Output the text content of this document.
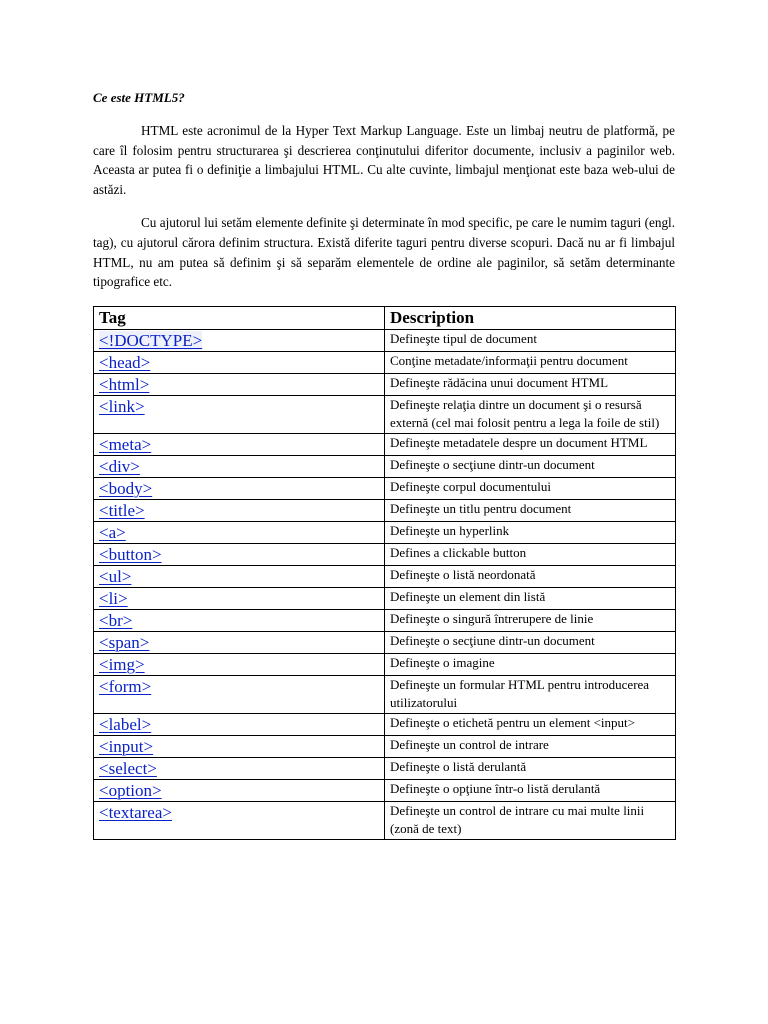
Ce este HTML5?

HTML este acronimul de la Hyper Text Markup Language. Este un limbaj neutru de platformă, pe care îl folosim pentru structurarea şi descrierea conţinutului diferitor documente, inclusiv a paginilor web. Aceasta ar putea fi o definiţie a limbajului HTML. Cu alte cuvinte, limbajul menţionat este baza web-ului de astăzi.

Cu ajutorul lui setăm elemente definite şi determinate în mod specific, pe care le numim taguri (engl. tag), cu ajutorul cărora definim structura. Există diferite taguri pentru diverse scopuri. Dacă nu ar fi limbajul HTML, nu am putea să definim şi să separăm elementele de ordine ale paginilor, să setăm determinante tipografice etc.

Tag	Description
<!DOCTYPE>	Defineşte tipul de document
<head>	Conţine metadate/informaţii pentru document
<html>	Defineşte rădăcina unui document HTML
<link>	Defineşte relaţia dintre un document şi o resursă externă (cel mai folosit pentru a lega la foile de stil)
<meta>	Defineşte metadatele despre un document HTML
<div>	Defineşte o secţiune dintr-un document
<body>	Defineşte corpul documentului
<title>	Defineşte un titlu pentru document
<a>	Defineşte un hyperlink
<button>	Defines a clickable button
<ul>	Defineşte o listă neordonată
<li>	Defineşte un element din listă
<br>	Defineşte o singură întrerupere de linie
<span>	Defineşte o secţiune dintr-un document
<img>	Defineşte o imagine
<form>	Defineşte un formular HTML pentru introducerea utilizatorului
<label>	Defineşte o etichetă pentru un element <input>
<input>	Defineşte un control de intrare
<select>	Defineşte o listă derulantă
<option>	Defineşte o opţiune într-o listă derulantă
<textarea>	Defineşte un control de intrare cu mai multe linii (zonă de text)
